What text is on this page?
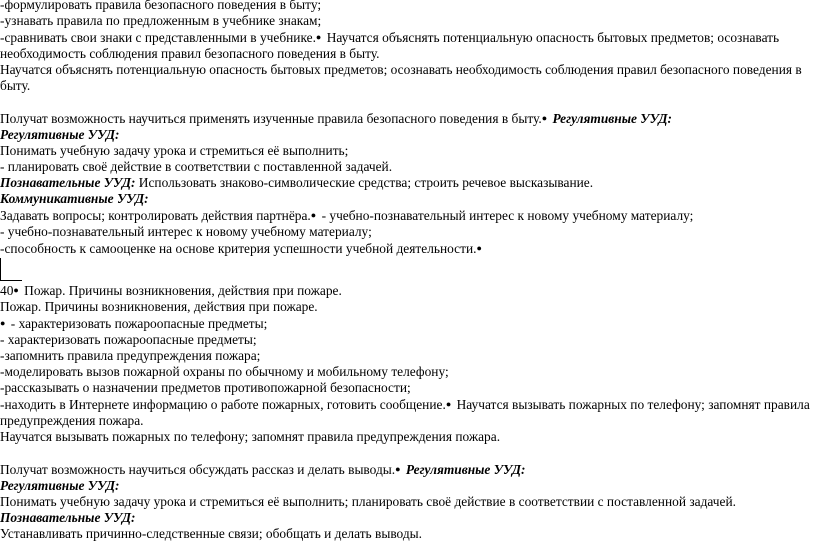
-формулировать правила безопасного поведения в быту;
-узнавать правила по предложенным в учебнике знакам;
-сравнивать свои знаки с представленными в учебнике.● Научатся объяснять потенциальную опасность бытовых предметов; осознавать необходимость соблюдения правил безопасного поведения в быту.
Научатся объяснять потенциальную опасность бытовых предметов; осознавать необходимость соблюдения правил безопасного поведения в быту.
Получат возможность научиться применять изученные правила безопасного поведения в быту.● Регулятивные УУД:
Регулятивные УУД:
Понимать учебную задачу урока и стремиться её выполнить;
- планировать своё действие в соответствии с поставленной задачей.
Познавательные УУД: Использовать знаково-символические средства; строить речевое высказывание.
Коммуникативные УУД:
Задавать вопросы; контролировать действия партнёра.● - учебно-познавательный интерес к новому учебному материалу;
- учебно-познавательный интерес к новому учебному материалу;
-способность к самооценке на основе критерия успешности учебной деятельности.●
40● Пожар. Причины возникновения, действия при пожаре.
Пожар. Причины возникновения, действия при пожаре.
● - характеризовать пожароопасные предметы;
- характеризовать пожароопасные предметы;
-запомнить правила предупреждения пожара;
-моделировать вызов пожарной охраны по обычному и мобильному телефону;
-рассказывать о назначении предметов противопожарной безопасности;
-находить в Интернете информацию о работе пожарных, готовить сообщение.● Научатся вызывать пожарных по телефону; запомнят правила предупреждения пожара.
Научатся вызывать пожарных по телефону; запомнят правила предупреждения пожара.
Получат возможность научиться обсуждать рассказ и делать выводы.● Регулятивные УУД:
Регулятивные УУД:
Понимать учебную задачу урока и стремиться её выполнить; планировать своё действие в соответствии с поставленной задачей.
Познавательные УУД:
Устанавливать причинно-следственные связи; обобщать и делать выводы.
